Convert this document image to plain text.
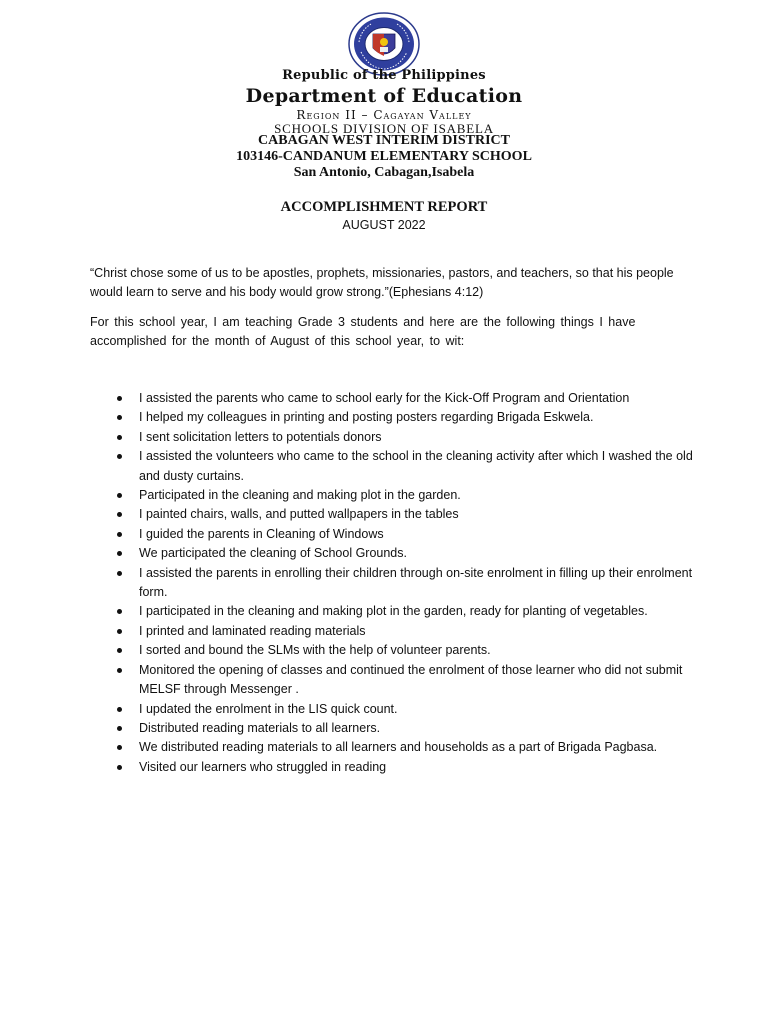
Republic of the Philippines
Department of Education
Region II – Cagayan Valley
SCHOOLS DIVISION OF ISABELA
CABAGAN WEST INTERIM DISTRICT
103146-CANDANUM ELEMENTARY SCHOOL
San Antonio, Cabagan,Isabela
ACCOMPLISHMENT REPORT
AUGUST 2022

“Christ chose some of us to be apostles, prophets, missionaries, pastors, and teachers, so that his people would learn to serve and his body would grow strong.”(Ephesians 4:12)

For this school year, I am teaching Grade 3 students and here are the following things I have accomplished for the month of August of this school year, to wit:

I assisted the parents who came to school early for the Kick-Off Program and Orientation
I helped my colleagues in printing and posting posters regarding Brigada Eskwela.
I sent solicitation letters to potentials donors
I assisted the volunteers who came to the school in the cleaning activity after which I washed the old and dusty curtains.
Participated in the cleaning and making plot in the garden.
I painted chairs, walls, and putted wallpapers in the tables
I guided the parents in Cleaning of Windows
We participated the cleaning of School Grounds.
I assisted the parents in enrolling their children through on-site enrolment in filling up their enrolment form.
I participated in the cleaning and making plot in the garden, ready for planting of vegetables.
I printed and laminated reading materials
I sorted and bound the SLMs with the help of volunteer parents.
Monitored the opening of classes and continued the enrolment of those learner who did not submit MELSF through Messenger .
I updated the enrolment in the LIS quick count.
Distributed reading materials to all learners.
We distributed reading materials to all learners and households as a part of Brigada Pagbasa.
Visited our learners who struggled in reading
